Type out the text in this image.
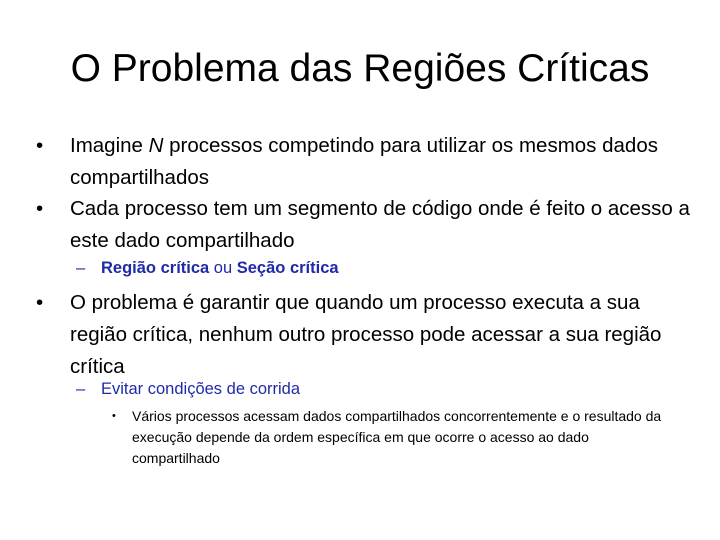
O Problema das Regiões Críticas
• Imagine N processos competindo para utilizar os mesmos dados compartilhados
• Cada processo tem um segmento de código onde é feito o acesso a este dado compartilhado
– Região crítica ou Seção crítica
• O problema é garantir que quando um processo executa a sua região crítica, nenhum outro processo pode acessar a sua região crítica
– Evitar condições de corrida
• Vários processos acessam dados compartilhados concorrentemente e o resultado da execução depende da ordem específica em que ocorre o acesso ao dado compartilhado
